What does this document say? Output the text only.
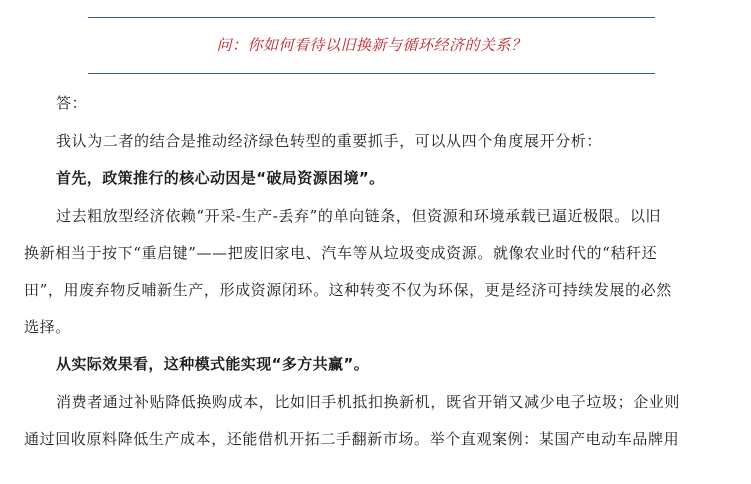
问：你如何看待以旧换新与循环经济的关系？
答：
我认为二者的结合是推动经济绿色转型的重要抓手，可以从四个角度展开分析：
首先，政策推行的核心动因是“破局资源困境”。
过去粗放型经济依赖“开采-生产-丢弃”的单向链条，但资源和环境承载已逼近极限。以旧
换新相当于按下“重启键”——把废旧家电、汽车等从垃圾变成资源。就像农业时代的“秸秆还
田”，用废弃物反哺新生产，形成资源闭环。这种转变不仅为环保，更是经济可持续发展的必然
选择。
从实际效果看，这种模式能实现“多方共赢”。
消费者通过补贴降低换购成本，比如旧手机抵扣换新机，既省开销又减少电子垃圾；企业则
通过回收原料降低生产成本，还能借机开拓二手翻新市场。举个直观案例：某国产电动车品牌用
